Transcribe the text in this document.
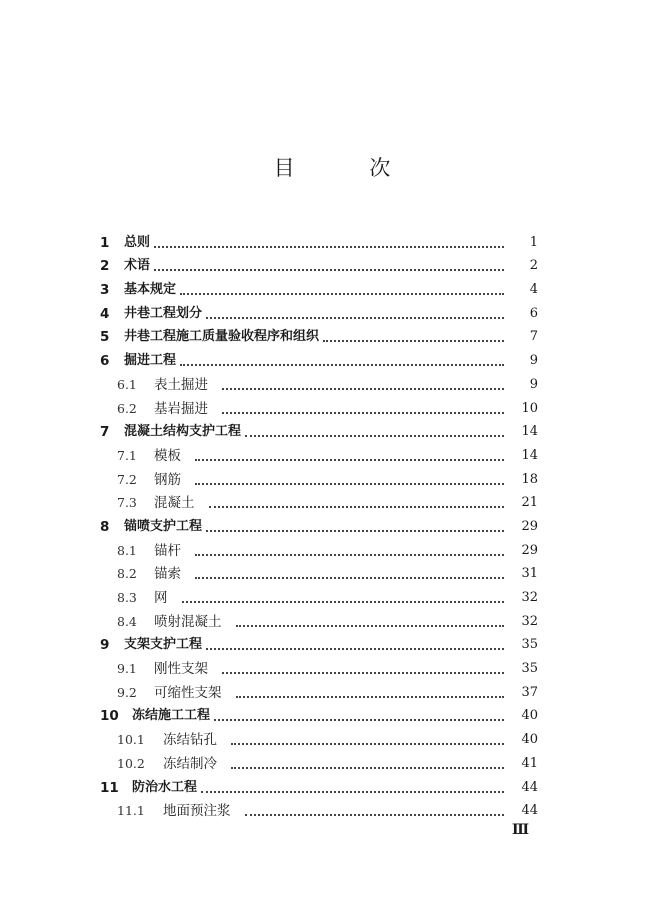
目 次
1	总则	1
2	术语	2
3	基本规定	4
4	井巷工程划分	6
5	井巷工程施工质量验收程序和组织	7
6	掘进工程	9
6.1	表土掘进	9
6.2	基岩掘进	10
7	混凝土结构支护工程	14
7.1	模板	14
7.2	钢筋	18
7.3	混凝土	21
8	锚喷支护工程	29
8.1	锚杆	29
8.2	锚索	31
8.3	网	32
8.4	喷射混凝土	32
9	支架支护工程	35
9.1	刚性支架	35
9.2	可缩性支架	37
10	冻结施工工程	40
10.1	冻结钻孔	40
10.2	冻结制冷	41
11	防治水工程	44
11.1	地面预注浆	44
Ⅲ
